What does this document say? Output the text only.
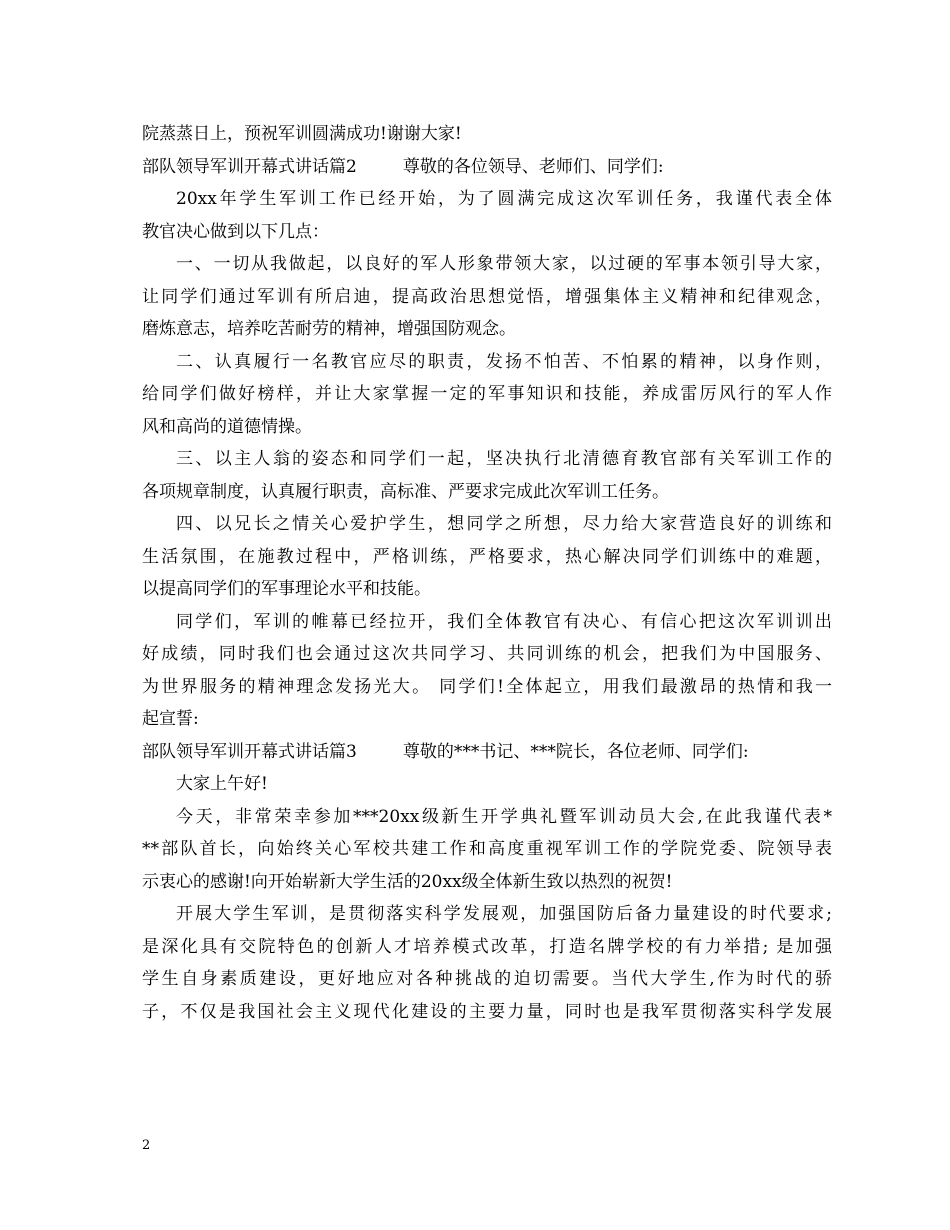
院蒸蒸日上，预祝军训圆满成功!谢谢大家!
部队领导军训开幕式讲话篇2	尊敬的各位领导、老师们、同学们:
20xx年学生军训工作已经开始，为了圆满完成这次军训任务，我谨代表全体
教官决心做到以下几点：
一、一切从我做起，以良好的军人形象带领大家，以过硬的军事本领引导大家，
让同学们通过军训有所启迪，提高政治思想觉悟，增强集体主义精神和纪律观念，
磨炼意志，培养吃苦耐劳的精神，增强国防观念。
二、认真履行一名教官应尽的职责，发扬不怕苦、不怕累的精神，以身作则，
给同学们做好榜样，并让大家掌握一定的军事知识和技能，养成雷厉风行的军人作
风和高尚的道德情操。
三、以主人翁的姿态和同学们一起，坚决执行北清德育教官部有关军训工作的
各项规章制度，认真履行职责，高标准、严要求完成此次军训工任务。
四、以兄长之情关心爱护学生，想同学之所想，尽力给大家营造良好的训练和
生活氛围，在施教过程中，严格训练，严格要求，热心解决同学们训练中的难题，
以提高同学们的军事理论水平和技能。
同学们，军训的帷幕已经拉开，我们全体教官有决心、有信心把这次军训训出
好成绩，同时我们也会通过这次共同学习、共同训练的机会，把我们为中国服务、
为世界服务的精神理念发扬光大。 同学们!全体起立，用我们最激昂的热情和我一
起宣誓:
部队领导军训开幕式讲话篇3	尊敬的***书记、***院长，各位老师、同学们:
大家上午好!
今天，非常荣幸参加***20xx级新生开学典礼暨军训动员大会,在此我谨代表*
**部队首长，向始终关心军校共建工作和高度重视军训工作的学院党委、院领导表
示衷心的感谢!向开始崭新大学生活的20xx级全体新生致以热烈的祝贺!
开展大学生军训，是贯彻落实科学发展观，加强国防后备力量建设的时代要求;
是深化具有交院特色的创新人才培养模式改革，打造名牌学校的有力举措; 是加强
学生自身素质建设，更好地应对各种挑战的迫切需要。当代大学生,作为时代的骄
子，不仅是我国社会主义现代化建设的主要力量，同时也是我军贯彻落实科学发展
2
